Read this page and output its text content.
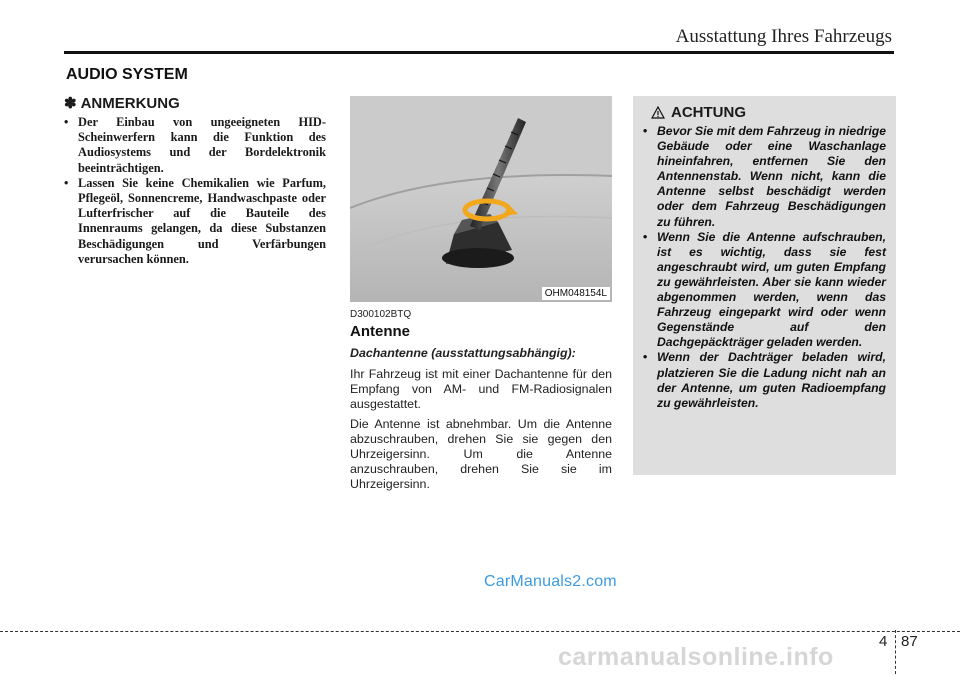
Ausstattung Ihres Fahrzeugs
AUDIO SYSTEM
✽ ANMERKUNG
• Der Einbau von ungeeigneten HID-Scheinwerfern kann die Funktion des Audiosystems und der Bordelektronik beeinträchtigen.
• Lassen Sie keine Chemikalien wie Parfum, Pflegeöl, Sonnencreme, Handwaschpaste oder Lufterfrischer auf die Bauteile des Innenraums gelangen, da diese Substanzen Beschädigungen und Verfärbungen verursachen können.
OHM048154L
D300102BTQ
Antenne
Dachantenne (ausstattungsabhängig):

Ihr Fahrzeug ist mit einer Dachantenne für den Empfang von AM- und FM-Radiosignalen ausgestattet.

Die Antenne ist abnehmbar. Um die Antenne abzuschrauben, drehen Sie sie gegen den Uhrzeigersinn. Um die Antenne anzuschrauben, drehen Sie sie im Uhrzeigersinn.

ACHTUNG
• Bevor Sie mit dem Fahrzeug in niedrige Gebäude oder eine Waschanlage hineinfahren, entfernen Sie den Antennenstab. Wenn nicht, kann die Antenne selbst beschädigt werden oder dem Fahrzeug Beschädigungen zu führen.
• Wenn Sie die Antenne aufschrauben, ist es wichtig, dass sie fest angeschraubt wird, um guten Empfang zu gewährleisten. Aber sie kann wieder abgenommen werden, wenn das Fahrzeug eingeparkt wird oder wenn Gegenstände auf den Dachgepäckträger geladen werden.
• Wenn der Dachträger beladen wird, platzieren Sie die Ladung nicht nah an der Antenne, um guten Radioempfang zu gewährleisten.
CarManuals2.com
4 87
carmanualsonline.info
